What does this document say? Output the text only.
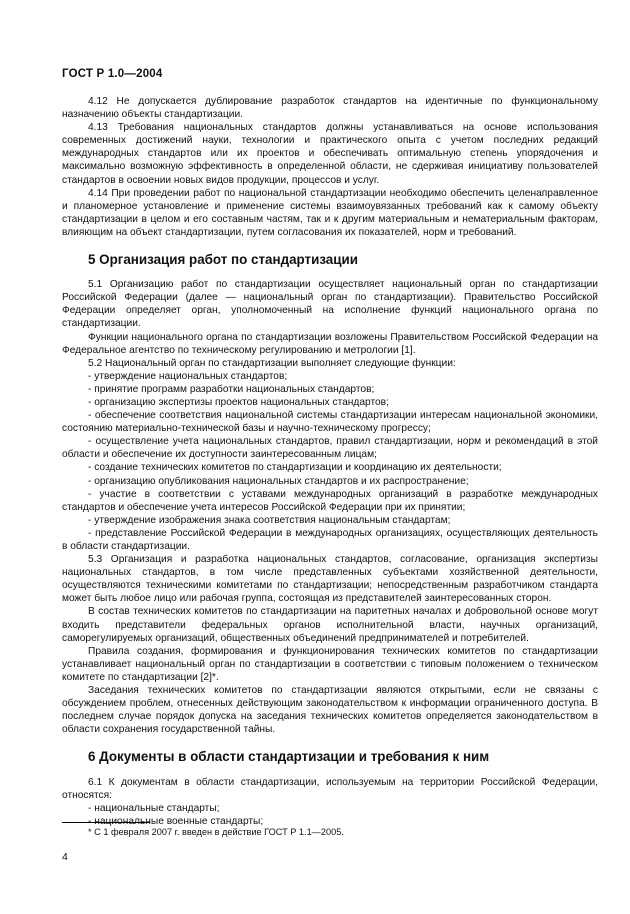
ГОСТ Р 1.0—2004

4.12 Не допускается дублирование разработок стандартов на идентичные по функциональному назначению объекты стандартизации.

4.13 Требования национальных стандартов должны устанавливаться на основе использования современных достижений науки, технологии и практического опыта с учетом последних редакций международных стандартов или их проектов и обеспечивать оптимальную степень упорядочения и максимально возможную эффективность в определенной области, не сдерживая инициативу пользователей стандартов в освоении новых видов продукции, процессов и услуг.

4.14 При проведении работ по национальной стандартизации необходимо обеспечить целенаправленное и планомерное установление и применение системы взаимоувязанных требований как к самому объекту стандартизации в целом и его составным частям, так и к другим материальным и нематериальным факторам, влияющим на объект стандартизации, путем согласования их показателей, норм и требований.

5 Организация работ по стандартизации

5.1 Организацию работ по стандартизации осуществляет национальный орган по стандартизации Российской Федерации (далее — национальный орган по стандартизации). Правительство Российской Федерации определяет орган, уполномоченный на исполнение функций национального органа по стандартизации.

Функции национального органа по стандартизации возложены Правительством Российской Федерации на Федеральное агентство по техническому регулированию и метрологии [1].

5.2 Национальный орган по стандартизации выполняет следующие функции:

- утверждение национальных стандартов;

- принятие программ разработки национальных стандартов;

- организацию экспертизы проектов национальных стандартов;

- обеспечение соответствия национальной системы стандартизации интересам национальной экономики, состоянию материально-технической базы и научно-техническому прогрессу;

- осуществление учета национальных стандартов, правил стандартизации, норм и рекомендаций в этой области и обеспечение их доступности заинтересованным лицам;

- создание технических комитетов по стандартизации и координацию их деятельности;

- организацию опубликования национальных стандартов и их распространение;

- участие в соответствии с уставами международных организаций в разработке международных стандартов и обеспечение учета интересов Российской Федерации при их принятии;

- утверждение изображения знака соответствия национальным стандартам;

- представление Российской Федерации в международных организациях, осуществляющих деятельность в области стандартизации.

5.3 Организация и разработка национальных стандартов, согласование, организация экспертизы национальных стандартов, в том числе представленных субъектами хозяйственной деятельности, осуществляются техническими комитетами по стандартизации; непосредственным разработчиком стандарта может быть любое лицо или рабочая группа, состоящая из представителей заинтересованных сторон.

В состав технических комитетов по стандартизации на паритетных началах и добровольной основе могут входить представители федеральных органов исполнительной власти, научных организаций, саморегулируемых организаций, общественных объединений предпринимателей и потребителей.

Правила создания, формирования и функционирования технических комитетов по стандартизации устанавливает национальный орган по стандартизации в соответствии с типовым положением о техническом комитете по стандартизации [2]*.

Заседания технических комитетов по стандартизации являются открытыми, если не связаны с обсуждением проблем, отнесенных действующим законодательством к информации ограниченного доступа. В последнем случае порядок допуска на заседания технических комитетов определяется законодательством в области сохранения государственной тайны.

6 Документы в области стандартизации и требования к ним

6.1 К документам в области стандартизации, используемым на территории Российской Федерации, относятся:

- национальные стандарты;

- национальные военные стандарты;

* С 1 февраля 2007 г. введен в действие ГОСТ Р 1.1—2005.
4
